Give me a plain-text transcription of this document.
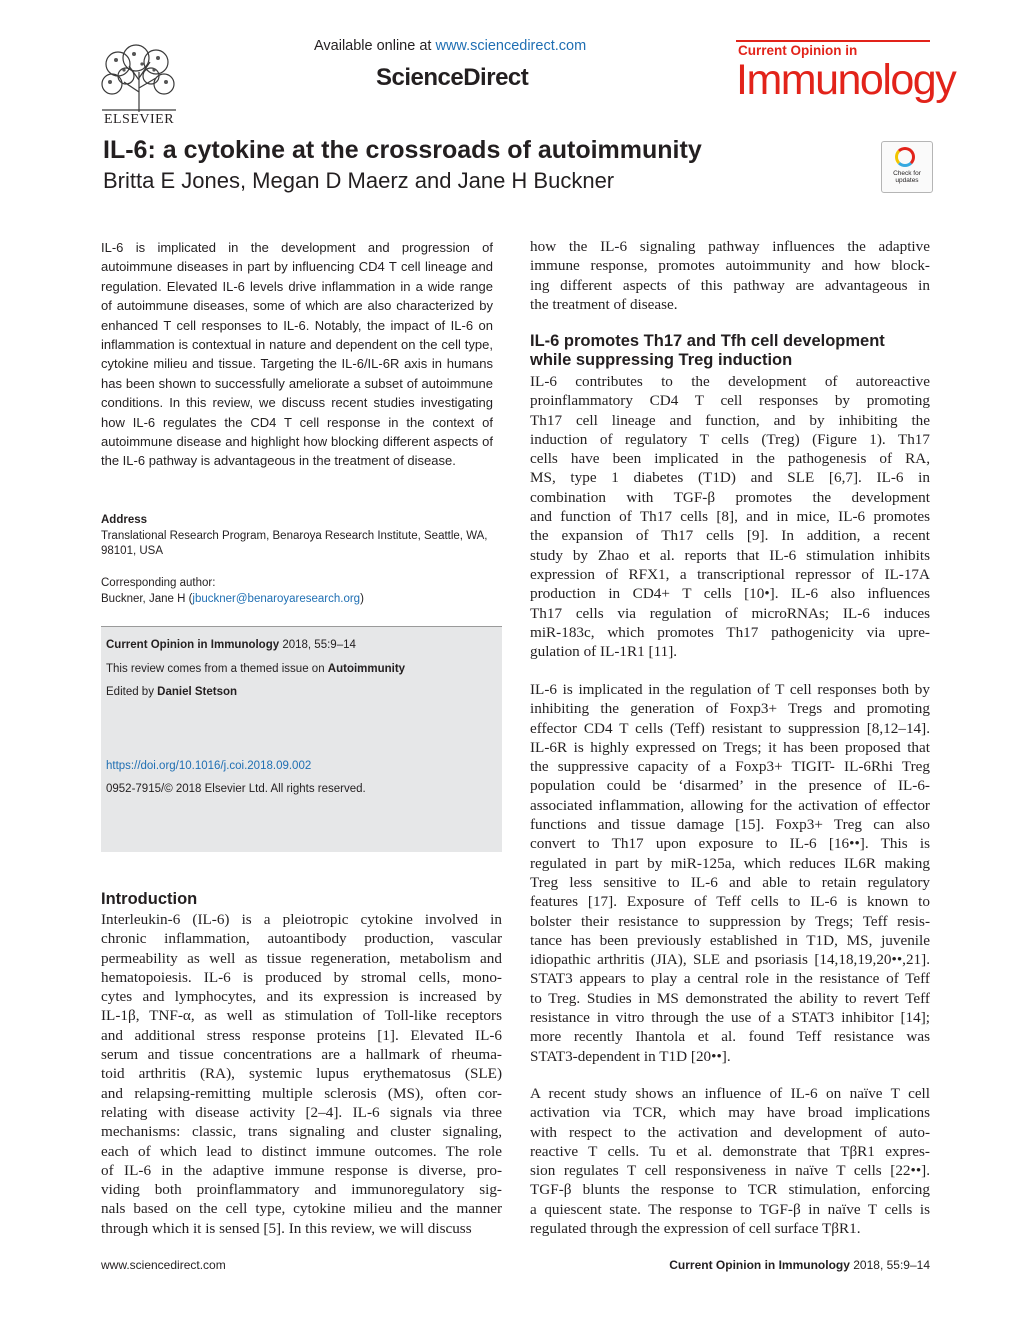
ELSEVIER
Available online at www.sciencedirect.com
ScienceDirect
Current Opinion in
Immunology
IL-6: a cytokine at the crossroads of autoimmunity
Britta E Jones, Megan D Maerz and Jane H Buckner	Check for updates
IL-6 is implicated in the development and progression of autoimmune diseases in part by influencing CD4 T cell lineage and regulation. Elevated IL-6 levels drive inflammation in a wide range of autoimmune diseases, some of which are also characterized by enhanced T cell responses to IL-6. Notably, the impact of IL-6 on inflammation is contextual in nature and dependent on the cell type, cytokine milieu and tissue. Targeting the IL-6/IL-6R axis in humans has been shown to successfully ameliorate a subset of autoimmune conditions. In this review, we discuss recent studies investigating how IL-6 regulates the CD4 T cell response in the context of autoimmune disease and highlight how blocking different aspects of the IL-6 pathway is advantageous in the treatment of disease.
Address
Translational Research Program, Benaroya Research Institute, Seattle, WA, 98101, USA
Corresponding author:
Buckner, Jane H (jbuckner@benaroyaresearch.org)
Current Opinion in Immunology 2018, 55:9–14
This review comes from a themed issue on Autoimmunity
Edited by Daniel Stetson
https://doi.org/10.1016/j.coi.2018.09.002
0952-7915/© 2018 Elsevier Ltd. All rights reserved.
Introduction
Interleukin-6 (IL-6) is a pleiotropic cytokine involved in
chronic inflammation, autoantibody production, vascular
permeability as well as tissue regeneration, metabolism and
hematopoiesis. IL-6 is produced by stromal cells, mono-
cytes and lymphocytes, and its expression is increased by
IL-1β, TNF-α, as well as stimulation of Toll-like receptors
and additional stress response proteins [1]. Elevated IL-6
serum and tissue concentrations are a hallmark of rheuma-
toid arthritis (RA), systemic lupus erythematosus (SLE)
and relapsing-remitting multiple sclerosis (MS), often cor-
relating with disease activity [2–4]. IL-6 signals via three
mechanisms: classic, trans signaling and cluster signaling,
each of which lead to distinct immune outcomes. The role
of IL-6 in the adaptive immune response is diverse, pro-
viding both proinflammatory and immunoregulatory sig-
nals based on the cell type, cytokine milieu and the manner
through which it is sensed [5]. In this review, we will discuss
how the IL-6 signaling pathway influences the adaptive
immune response, promotes autoimmunity and how block-
ing different aspects of this pathway are advantageous in
the treatment of disease.
IL-6 promotes Th17 and Tfh cell development while suppressing Treg induction
IL-6 contributes to the development of autoreactive
proinflammatory CD4 T cell responses by promoting
Th17 cell lineage and function, and by inhibiting the
induction of regulatory T cells (Treg) (Figure 1). Th17
cells have been implicated in the pathogenesis of RA,
MS, type 1 diabetes (T1D) and SLE [6,7]. IL-6 in
combination with TGF-β promotes the development
and function of Th17 cells [8], and in mice, IL-6 promotes
the expansion of Th17 cells [9]. In addition, a recent
study by Zhao et al. reports that IL-6 stimulation inhibits
expression of RFX1, a transcriptional repressor of IL-17A
production in CD4+ T cells [10•]. IL-6 also influences
Th17 cells via regulation of microRNAs; IL-6 induces
miR-183c, which promotes Th17 pathogenicity via upre-
gulation of IL-1R1 [11].
IL-6 is implicated in the regulation of T cell responses both by
inhibiting the generation of Foxp3+ Tregs and promoting
effector CD4 T cells (Teff) resistant to suppression [8,12–14].
IL-6R is highly expressed on Tregs; it has been proposed that
the suppressive capacity of a Foxp3+ TIGIT- IL-6Rhi Treg
population could be ‘disarmed’ in the presence of IL-6-
associated inflammation, allowing for the activation of effector
functions and tissue damage [15]. Foxp3+ Treg can also
convert to Th17 upon exposure to IL-6 [16••]. This is
regulated in part by miR-125a, which reduces IL6R making
Treg less sensitive to IL-6 and able to retain regulatory
features [17]. Exposure of Teff cells to IL-6 is known to
bolster their resistance to suppression by Tregs; Teff resis-
tance has been previously established in T1D, MS, juvenile
idiopathic arthritis (JIA), SLE and psoriasis [14,18,19,20••,21].
STAT3 appears to play a central role in the resistance of Teff
to Treg. Studies in MS demonstrated the ability to revert Teff
resistance in vitro through the use of a STAT3 inhibitor [14];
more recently Ihantola et al. found Teff resistance was
STAT3-dependent in T1D [20••].
A recent study shows an influence of IL-6 on naïve T cell
activation via TCR, which may have broad implications
with respect to the activation and development of auto-
reactive T cells. Tu et al. demonstrate that TβR1 expres-
sion regulates T cell responsiveness in naïve T cells [22••].
TGF-β blunts the response to TCR stimulation, enforcing
a quiescent state. The response to TGF-β in naïve T cells is
regulated through the expression of cell surface TβR1.
www.sciencedirect.com	Current Opinion in Immunology 2018, 55:9–14
